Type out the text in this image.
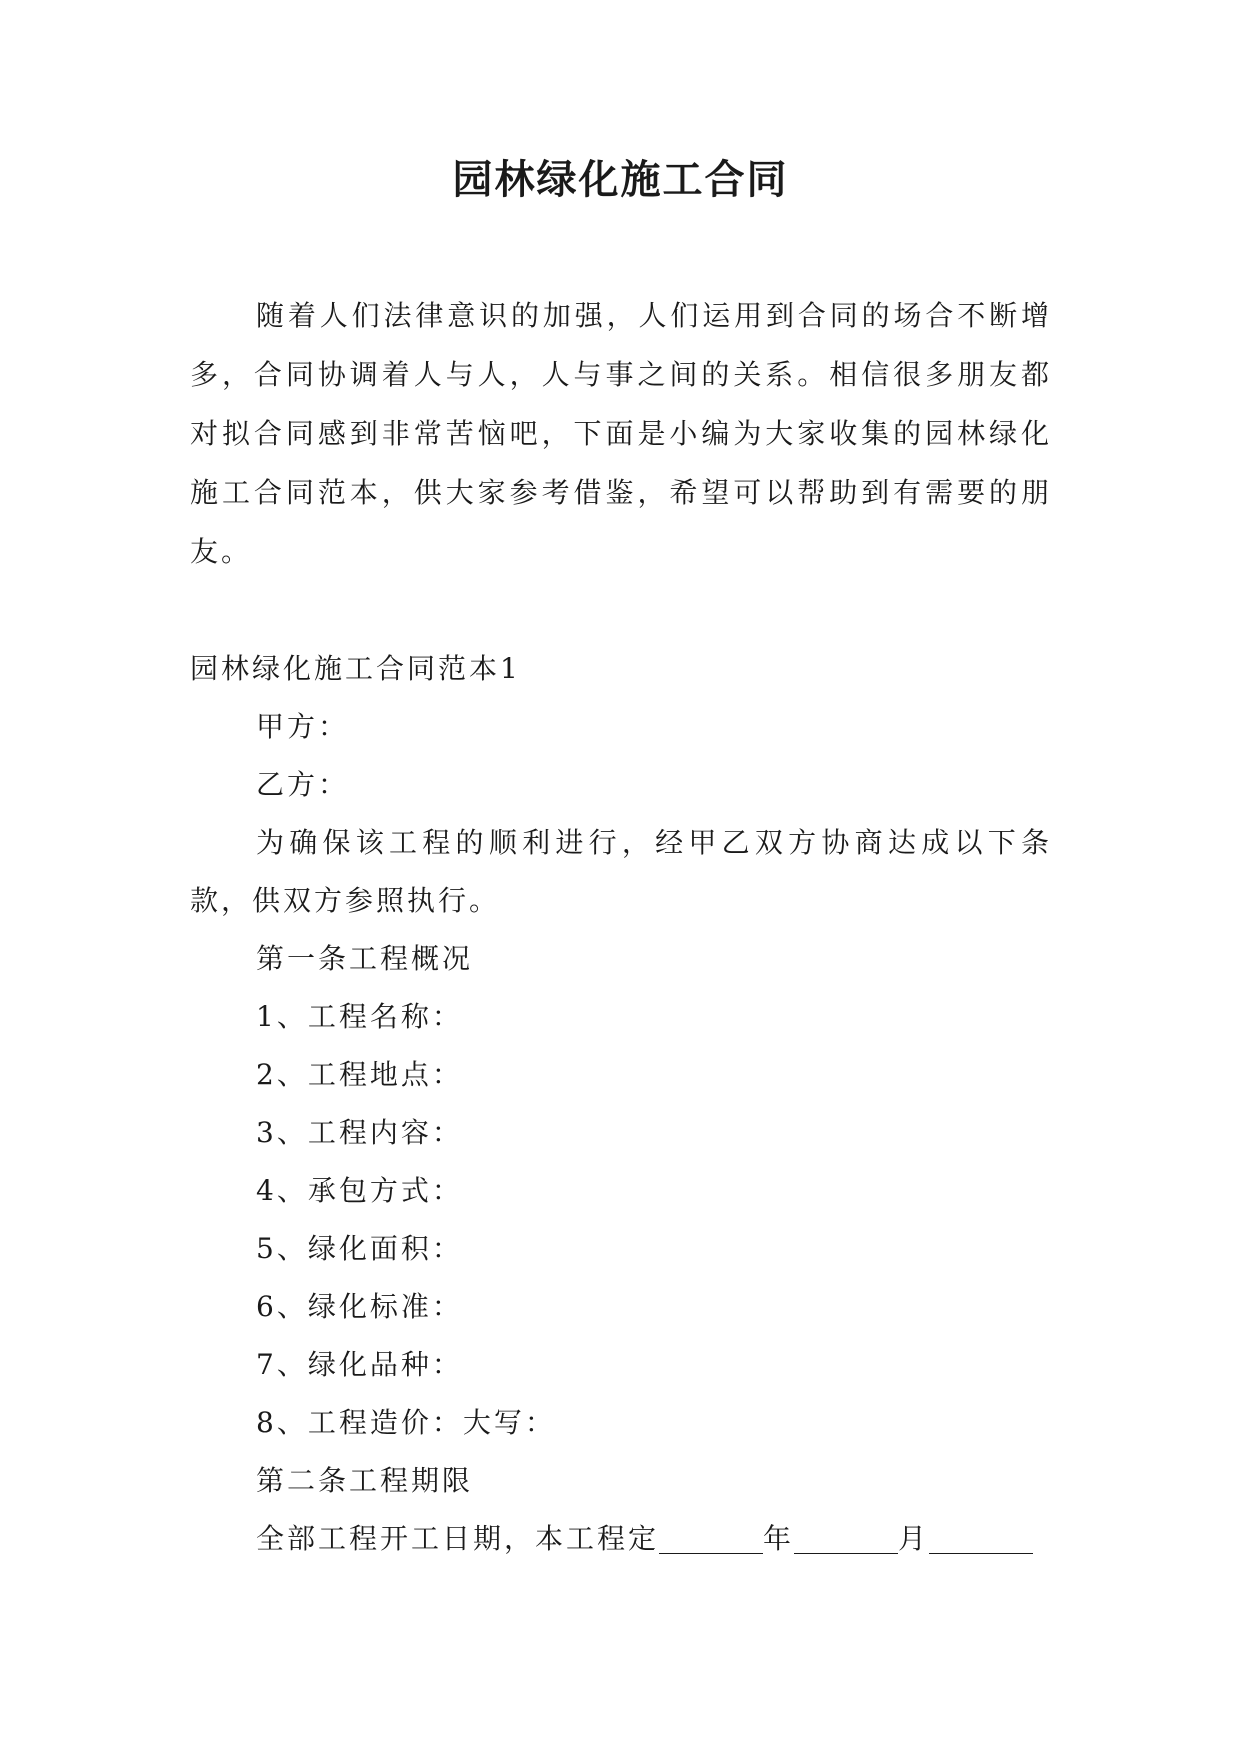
园林绿化施工合同

随着人们法律意识的加强，人们运用到合同的场合不断增多，合同协调着人与人，人与事之间的关系。相信很多朋友都对拟合同感到非常苦恼吧，下面是小编为大家收集的园林绿化施工合同范本，供大家参考借鉴，希望可以帮助到有需要的朋友。

园林绿化施工合同范本1
甲方：
乙方：

为确保该工程的顺利进行，经甲乙双方协商达成以下条款，供双方参照执行。

第一条工程概况
1、工程名称：
2、工程地点：
3、工程内容：
4、承包方式：
5、绿化面积：
6、绿化标准：
7、绿化品种：
8、工程造价：大写：
第二条工程期限
全部工程开工日期，本工程定	年	月
